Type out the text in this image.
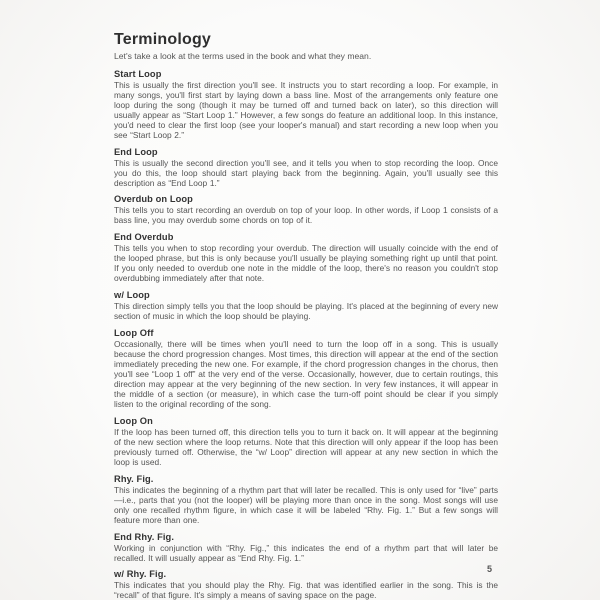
Terminology

Let's take a look at the terms used in the book and what they mean.

Start Loop

This is usually the first direction you'll see. It instructs you to start recording a loop. For example, in many songs, you'll first start by laying down a bass line. Most of the arrangements only feature one loop during the song (though it may be turned off and turned back on later), so this direction will usually appear as “Start Loop 1.” However, a few songs do feature an additional loop. In this instance, you'd need to clear the first loop (see your looper's manual) and start recording a new loop when you see “Start Loop 2.”

End Loop

This is usually the second direction you'll see, and it tells you when to stop recording the loop. Once you do this, the loop should start playing back from the beginning. Again, you'll usually see this description as “End Loop 1.”

Overdub on Loop

This tells you to start recording an overdub on top of your loop. In other words, if Loop 1 consists of a bass line, you may overdub some chords on top of it.

End Overdub

This tells you when to stop recording your overdub. The direction will usually coincide with the end of the looped phrase, but this is only because you'll usually be playing something right up until that point. If you only needed to overdub one note in the middle of the loop, there's no reason you couldn't stop overdubbing immediately after that note.

w/ Loop

This direction simply tells you that the loop should be playing. It's placed at the beginning of every new section of music in which the loop should be playing.

Loop Off

Occasionally, there will be times when you'll need to turn the loop off in a song. This is usually because the chord progression changes. Most times, this direction will appear at the end of the section immediately preceding the new one. For example, if the chord progression changes in the chorus, then you'll see “Loop 1 off” at the very end of the verse. Occasionally, however, due to certain routings, this direction may appear at the very beginning of the new section. In very few instances, it will appear in the middle of a section (or measure), in which case the turn-off point should be clear if you simply listen to the original recording of the song.

Loop On

If the loop has been turned off, this direction tells you to turn it back on. It will appear at the beginning of the new section where the loop returns. Note that this direction will only appear if the loop has been previously turned off. Otherwise, the “w/ Loop” direction will appear at any new section in which the loop is used.

Rhy. Fig.

This indicates the beginning of a rhythm part that will later be recalled. This is only used for “live” parts—i.e., parts that you (not the looper) will be playing more than once in the song. Most songs will use only one recalled rhythm figure, in which case it will be labeled “Rhy. Fig. 1.” But a few songs will feature more than one.

End Rhy. Fig.

Working in conjunction with “Rhy. Fig.,” this indicates the end of a rhythm part that will later be recalled. It will usually appear as “End Rhy. Fig. 1.”

w/ Rhy. Fig.

This indicates that you should play the Rhy. Fig. that was identified earlier in the song. This is the “recall” of that figure. It's simply a means of saving space on the page.

5
